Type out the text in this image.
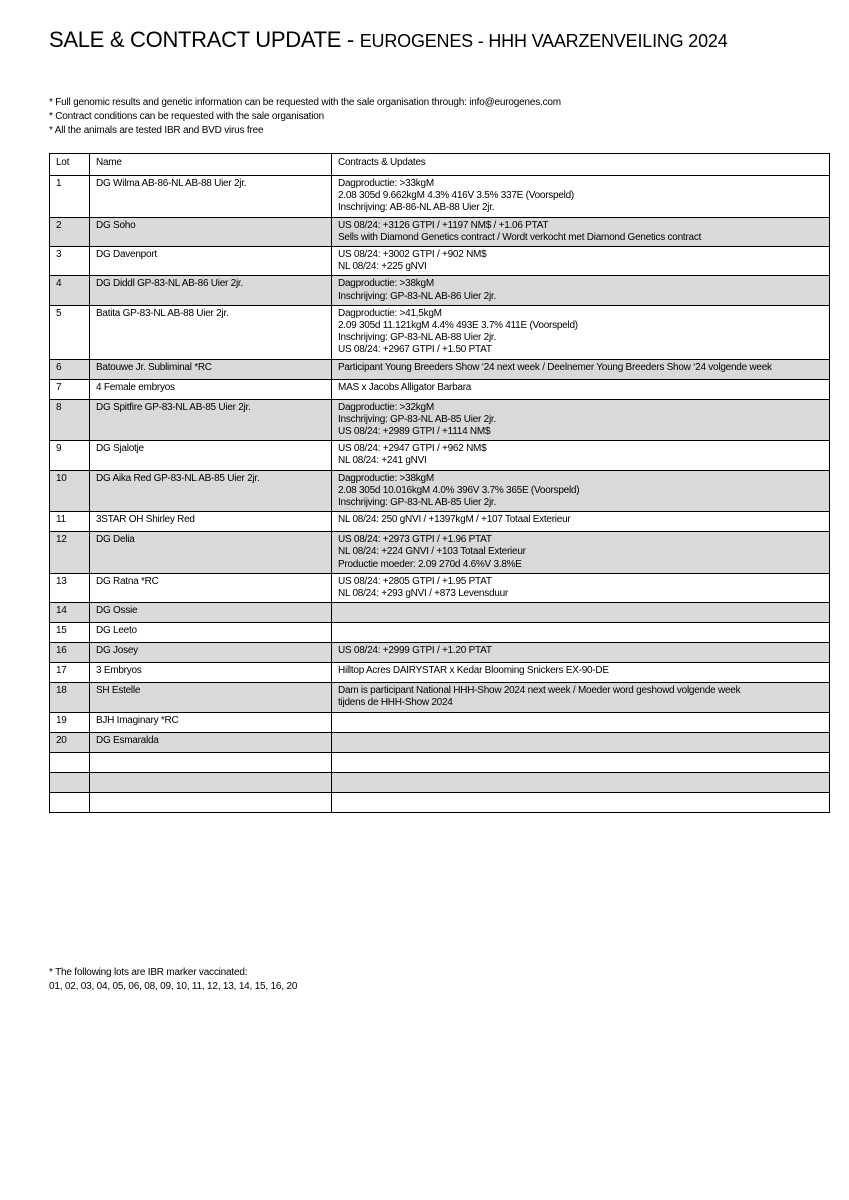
SALE & CONTRACT UPDATE - EUROGENES - HHH VAARZENVEILING 2024
* Full genomic results and genetic information can be requested with the sale organisation through: info@eurogenes.com
* Contract conditions can be requested with the sale organisation
* All the animals are tested IBR and BVD virus free
Lot	Name	Contracts & Updates
1	DG Wilma AB-86-NL AB-88 Uier 2jr.	Dagproductie: >33kgM
2.08 305d 9.662kgM 4.3% 416V 3.5% 337E (Voorspeld)
Inschrijving: AB-86-NL AB-88 Uier 2jr.

2	DG Soho	US 08/24: +3126 GTPI / +1197 NM$ / +1.06 PTAT
Sells with Diamond Genetics contract / Wordt verkocht met Diamond Genetics contract

3	DG Davenport	US 08/24: +3002 GTPI / +902 NM$
NL 08/24: +225 gNVI

4	DG Diddl GP-83-NL AB-86 Uier 2jr.	Dagproductie: >38kgM
Inschrijving: GP-83-NL AB-86 Uier 2jr.

5	Batita GP-83-NL AB-88 Uier 2jr.	Dagproductie: >41,5kgM
2.09 305d 11.121kgM 4.4% 493E 3.7% 411E (Voorspeld)
Inschrijving: GP-83-NL AB-88 Uier 2jr.
US 08/24: +2967 GTPI / +1.50 PTAT

6	Batouwe Jr. Subliminal *RC	Participant Young Breeders Show ‘24 next week / Deelnemer Young Breeders Show ‘24 volgende week

7	4 Female embryos	MAS x Jacobs Alligator Barbara

8	DG Spitfire GP-83-NL AB-85 Uier 2jr.	Dagproductie: >32kgM
Inschrijving: GP-83-NL AB-85 Uier 2jr.
US 08/24: +2989 GTPI / +1114 NM$

9	DG Sjalotje	US 08/24: +2947 GTPI / +962 NM$
NL 08/24: +241 gNVI

10	DG Aika Red GP-83-NL AB-85 Uier 2jr.	Dagproductie: >38kgM
2.08 305d 10.016kgM 4.0% 396V 3.7% 365E (Voorspeld)
Inschrijving: GP-83-NL AB-85 Uier 2jr.

11	3STAR OH Shirley Red	NL 08/24: 250 gNVI / +1397kgM / +107 Totaal Exterieur

12	DG Delia	US 08/24: +2973 GTPI / +1.96 PTAT
NL 08/24: +224 GNVI / +103 Totaal Exterieur
Productie moeder: 2.09 270d 4.6%V 3.8%E

13	DG Ratna *RC	US 08/24: +2805 GTPI / +1.95 PTAT
NL 08/24: +293 gNVI / +873 Levensduur

14	DG Ossie	
15	DG Leeto	
16	DG Josey	US 08/24: +2999 GTPI / +1.20 PTAT

17	3 Embryos	Hilltop Acres DAIRYSTAR x Kedar Blooming Snickers EX-90-DE

18	SH Estelle	Dam is participant National HHH-Show 2024 next week / Moeder word geshowd volgende week
tijdens de HHH-Show 2024

19	BJH Imaginary *RC	
20	DG Esmaralda	

* The following lots are IBR marker vaccinated:
01, 02, 03, 04, 05, 06, 08, 09, 10, 11, 12, 13, 14, 15, 16, 20
